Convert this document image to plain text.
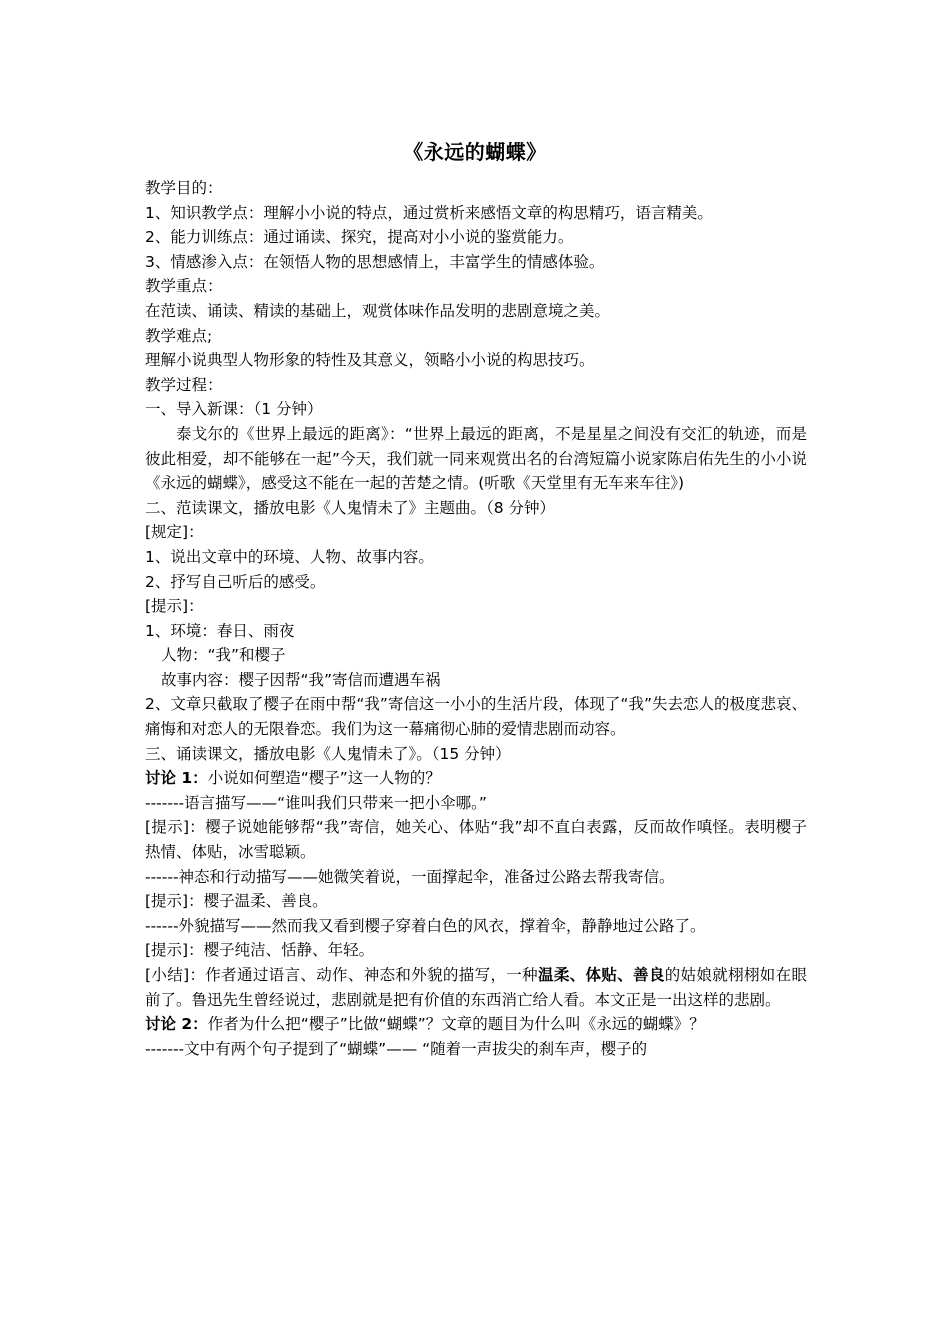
《永远的蝴蝶》

教学目的：

1、知识教学点：理解小小说的特点，通过赏析来感悟文章的构思精巧，语言精美。

2、能力训练点：通过诵读、探究，提高对小小说的鉴赏能力。

3、情感渗入点：在领悟人物的思想感情上，丰富学生的情感体验。

教学重点：

在范读、诵读、精读的基础上，观赏体味作品发明的悲剧意境之美。

教学难点;

理解小说典型人物形象的特性及其意义，领略小小说的构思技巧。

教学过程：

一、导入新课：（1 分钟）

泰戈尔的《世界上最远的距离》：“世界上最远的距离，不是星星之间没有交汇的轨迹，而是彼此相爱，却不能够在一起”今天，我们就一同来观赏出名的台湾短篇小说家陈启佑先生的小小说《永远的蝴蝶》，感受这不能在一起的苦楚之情。(听歌《天堂里有无车来车往》)

二、范读课文，播放电影《人鬼情未了》主题曲。（8 分钟）

[规定]：

1、说出文章中的环境、人物、故事内容。

2、抒写自己听后的感受。

[提示]：

1、环境：春日、雨夜

人物：“我”和樱子

故事内容：樱子因帮“我”寄信而遭遇车祸

2、文章只截取了樱子在雨中帮“我”寄信这一小小的生活片段，体现了“我”失去恋人的极度悲哀、痛悔和对恋人的无限眷恋。我们为这一幕痛彻心肺的爱情悲剧而动容。

三、诵读课文，播放电影《人鬼情未了》。（15 分钟）

讨论 1：小说如何塑造“樱子”这一人物的？

-------语言描写——“谁叫我们只带来一把小伞哪。”

[提示]：樱子说她能够帮“我”寄信，她关心、体贴“我”却不直白表露，反而故作嗔怪。表明樱子热情、体贴，冰雪聪颖。

------神态和行动描写——她微笑着说，一面撑起伞，准备过公路去帮我寄信。

[提示]：樱子温柔、善良。

------外貌描写——然而我又看到樱子穿着白色的风衣，撑着伞，静静地过公路了。

[提示]：樱子纯洁、恬静、年轻。

[小结]：作者通过语言、动作、神态和外貌的描写，一种温柔、体贴、善良的姑娘就栩栩如在眼前了。鲁迅先生曾经说过，悲剧就是把有价值的东西消亡给人看。本文正是一出这样的悲剧。

讨论 2：作者为什么把“樱子”比做“蝴蝶”？文章的题目为什么叫《永远的蝴蝶》？

-------文中有两个句子提到了“蝴蝶”—— “随着一声拔尖的刹车声，樱子的
